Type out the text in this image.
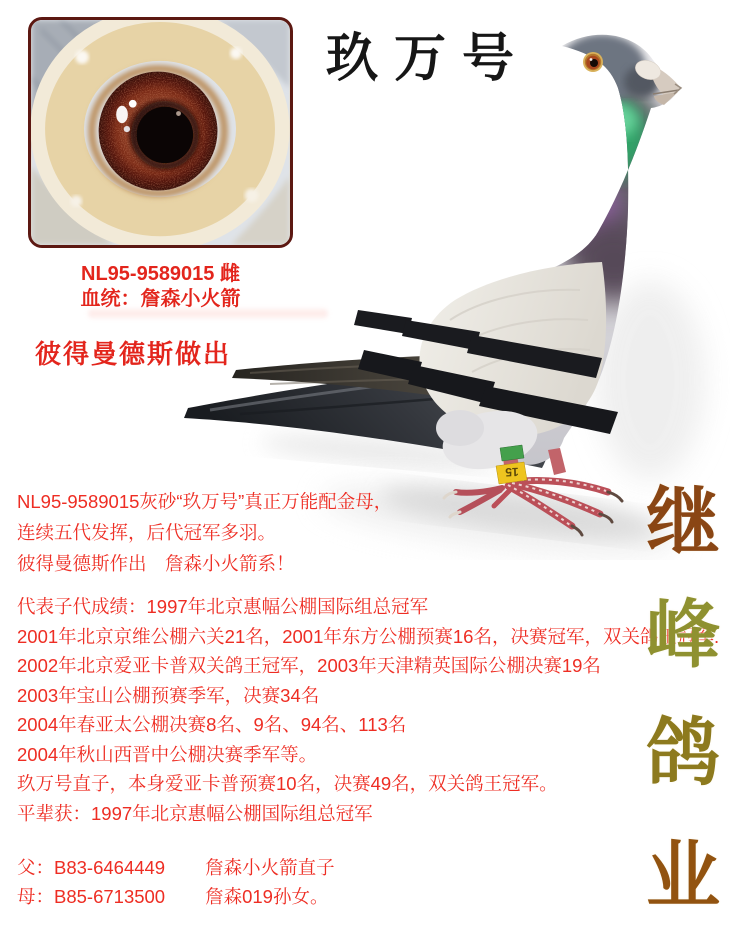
玖万号
15
NL95-9589015 雌
血统：詹森小火箭
彼得曼德斯做出
NL95-9589015灰砂“玖万号”真正万能配金母，
连续五代发挥，后代冠军多羽。
彼得曼德斯作出　詹森小火箭系！
代表子代成绩：1997年北京惠幅公棚国际组总冠军
2001年北京京维公棚六关21名，2001年东方公棚预赛16名，决赛冠军，双关鸽王冠军.
2002年北京爱亚卡普双关鸽王冠军，2003年天津精英国际公棚决赛19名
2003年宝山公棚预赛季军，决赛34名
2004年春亚太公棚决赛8名、9名、94名、113名
2004年秋山西晋中公棚决赛季军等。
玖万号直子，本身爱亚卡普预赛10名，决赛49名，双关鸽王冠军。
平辈获：1997年北京惠幅公棚国际组总冠军
父：B83-6464449 詹森小火箭直子
母：B85-6713500 詹森019孙女。
继
峰
鸽
业
